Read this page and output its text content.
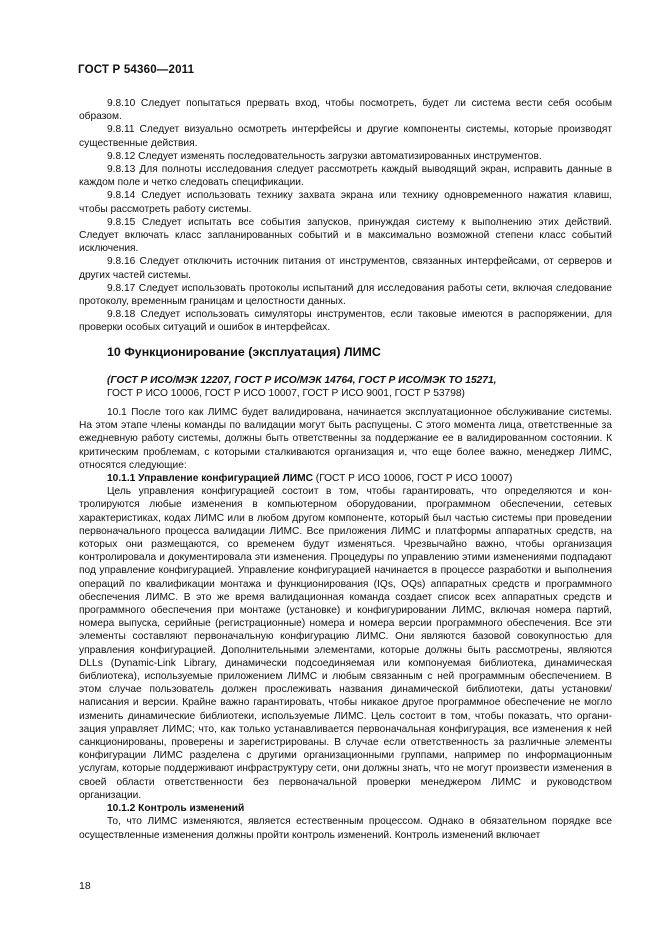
ГОСТ Р 54360—2011

9.8.10 Следует попытаться прервать вход, чтобы посмотреть, будет ли система вести себя особым образом.

9.8.11 Следует визуально осмотреть интерфейсы и другие компоненты системы, которые производят существенные действия.

9.8.12 Следует изменять последовательность загрузки автоматизированных инструментов.

9.8.13 Для полноты исследования следует рассмотреть каждый выводящий экран, исправить данные в каждом поле и четко следовать спецификации.

9.8.14 Следует использовать технику захвата экрана или технику одновременного нажатия клавиш, чтобы рассмотреть работу системы.

9.8.15 Следует испытать все события запусков, принуждая систему к выполнению этих действий. Следует включать класс запланированных событий и в максимально возможной степени класс событий исключения.

9.8.16 Следует отключить источник питания от инструментов, связанных интерфейсами, от серверов и других частей системы.

9.8.17 Следует использовать протоколы испытаний для исследования работы сети, включая следование протоколу, временным границам и целостности данных.

9.8.18 Следует использовать симуляторы инструментов, если таковые имеются в распоряжении, для проверки особых ситуаций и ошибок в интерфейсах.

10 Функционирование (эксплуатация) ЛИМС
(ГОСТ Р ИСО/МЭК 12207, ГОСТ Р ИСО/МЭК 14764, ГОСТ Р ИСО/МЭК ТО 15271,
ГОСТ Р ИСО 10006, ГОСТ Р ИСО 10007, ГОСТ Р ИСО 9001, ГОСТ Р 53798)

10.1 После того как ЛИМС будет валидирована, начинается эксплуатационное обслуживание системы. На этом этапе члены команды по валидации могут быть распущены. С этого момента лица, ответственные за ежедневную работу системы, должны быть ответственны за поддержание ее в валидированном состоянии. К критическим проблемам, с которыми сталкиваются организация и, что еще более важно, менеджер ЛИМС, относятся следующие:

10.1.1 Управление конфигурацией ЛИМС (ГОСТ Р ИСО 10006, ГОСТ Р ИСО 10007)

Цель управления конфигурацией состоит в том, чтобы гарантировать, что определяются и контролируются любые изменения в компьютерном оборудовании, программном обеспечении, сетевых характеристиках, кодах ЛИМС или в любом другом компоненте, который был частью системы при проведении первоначального процесса валидации ЛИМС. Все приложения ЛИМС и платформы аппаратных средств, на которых они размещаются, со временем будут изменяться. Чрезвычайно важно, чтобы организация контролировала и документировала эти изменения. Процедуры по управлению этими изменениями подпадают под управление конфигурацией. Управление конфигурацией начинается в процессе разработки и выполнения операций по квалификации монтажа и функционирования (IQs, OQs) аппаратных средств и программного обеспечения ЛИМС. В это же время валидационная команда создает список всех аппаратных средств и программного обеспечения при монтаже (установке) и конфигурировании ЛИМС, включая номера партий, номера выпуска, серийные (регистрационные) номера и номера версии программного обеспечения. Все эти элементы составляют первоначальную конфигурацию ЛИМС. Они являются базовой совокупностью для управления конфигурацией. Дополнительными элементами, которые должны быть рассмотрены, являются DLLs (Dynamic-Link Library, динамически подсоединяемая или компонуемая библиотека, динамическая библиотека), используемые приложением ЛИМС и любым связанным с ней программным обеспечением. В этом случае пользователь должен прослеживать названия динамической библиотеки, даты установки/написания и версии. Крайне важно гарантировать, чтобы никакое другое программное обеспечение не могло изменить динамические библиотеки, используемые ЛИМС. Цель состоит в том, чтобы показать, что организация управляет ЛИМС; что, как только устанавливается первоначальная конфигурация, все изменения к ней санкционированы, проверены и зарегистрированы. В случае если ответственность за различные элементы конфигурации ЛИМС разделена с другими организационными группами, например по информационным услугам, которые поддерживают инфраструктуру сети, они должны знать, что не могут произвести изменения в своей области ответственности без первоначальной проверки менеджером ЛИМС и руководством организации.

10.1.2 Контроль изменений

То, что ЛИМС изменяются, является естественным процессом. Однако в обязательном порядке все осуществленные изменения должны пройти контроль изменений. Контроль изменений включает

18
